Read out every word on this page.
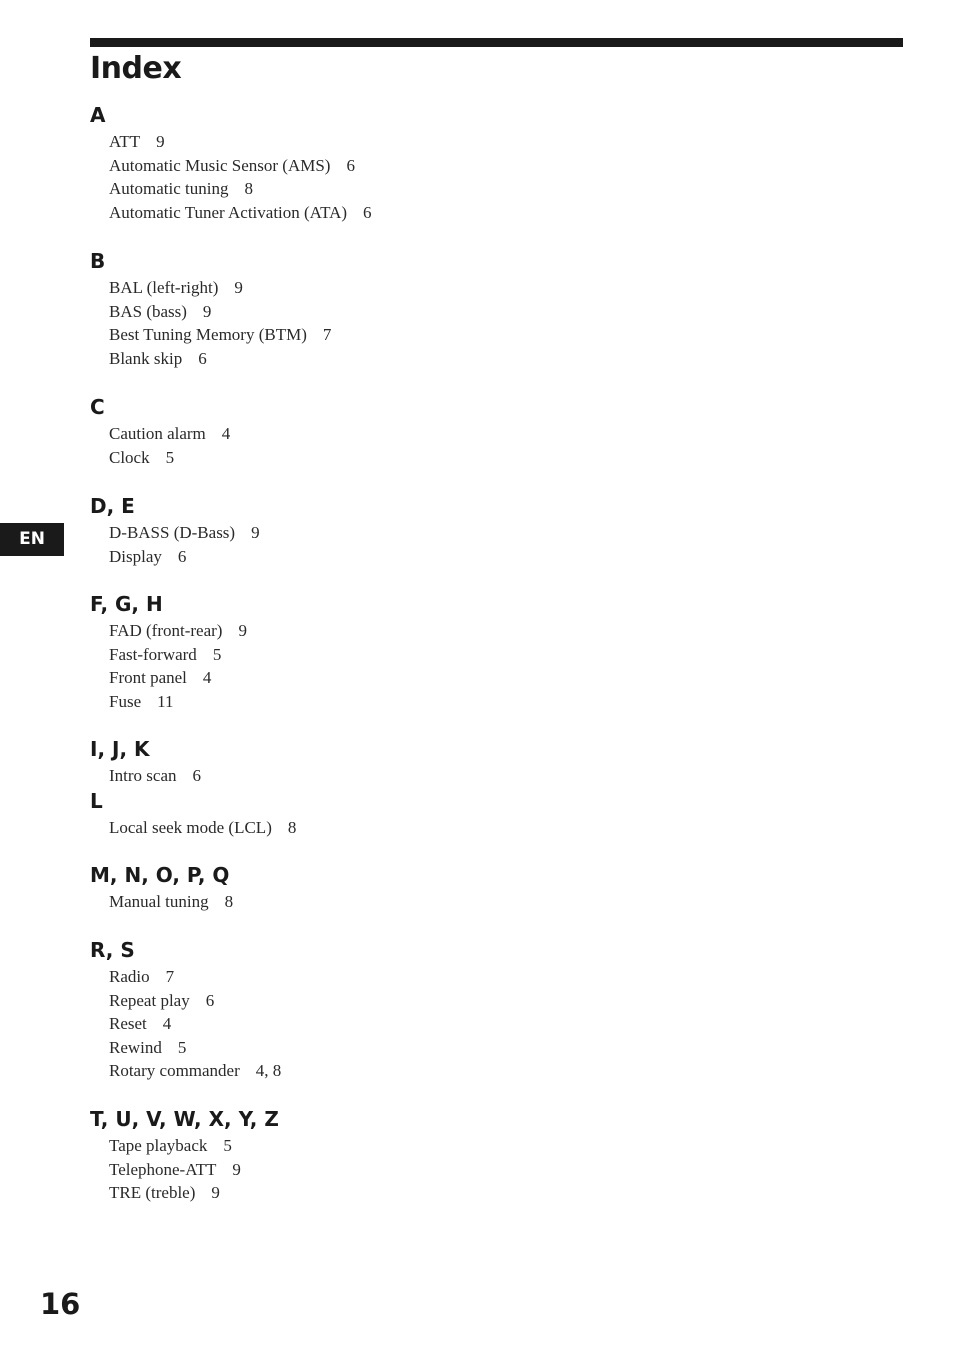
Index
A
ATT 9
Automatic Music Sensor (AMS) 6
Automatic tuning 8
Automatic Tuner Activation (ATA) 6
B
BAL (left-right) 9
BAS (bass) 9
Best Tuning Memory (BTM) 7
Blank skip 6
C
Caution alarm 4
Clock 5
D, E
D-BASS (D-Bass) 9
Display 6
F, G, H
FAD (front-rear) 9
Fast-forward 5
Front panel 4
Fuse 11
I, J, K
Intro scan 6
L
Local seek mode (LCL) 8
M, N, O, P, Q
Manual tuning 8
R, S
Radio 7
Repeat play 6
Reset 4
Rewind 5
Rotary commander 4, 8
T, U, V, W, X, Y, Z
Tape playback 5
Telephone-ATT 9
TRE (treble) 9
EN
16
